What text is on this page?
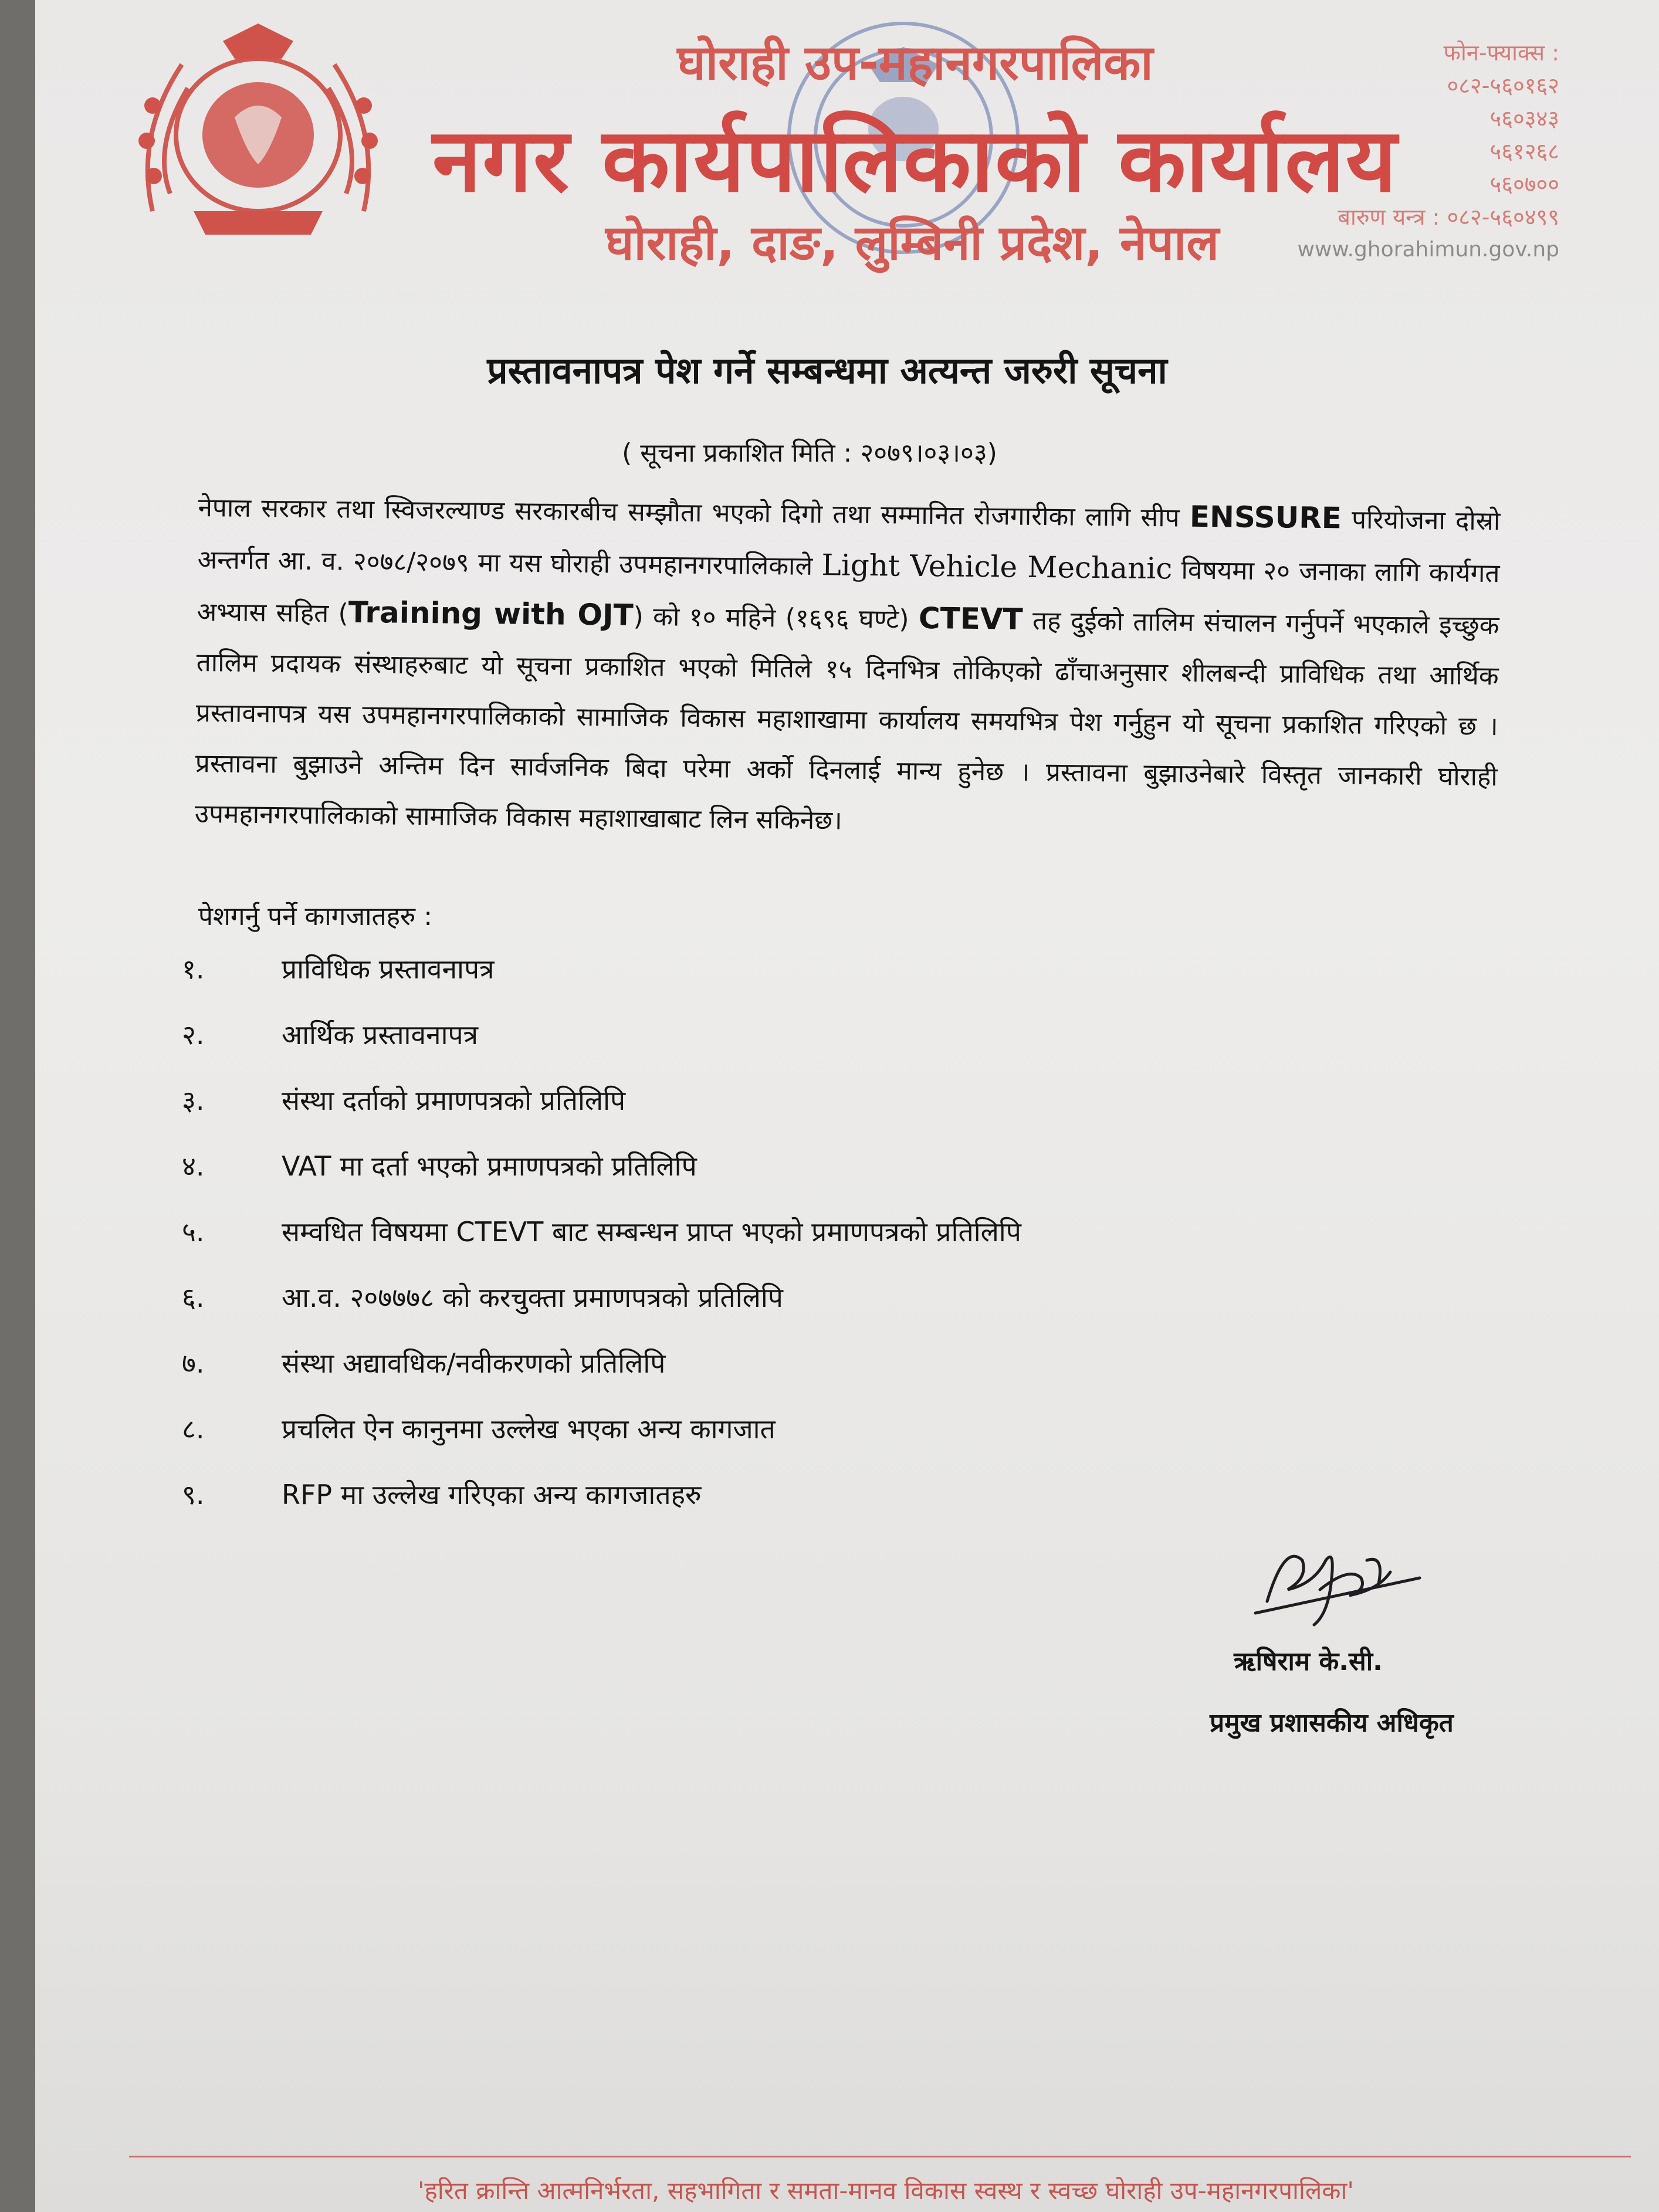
घोराही उप-महानगरपालिका
नगर कार्यपालिकाको कार्यालय
घोराही, दाङ, लुम्बिनी प्रदेश, नेपाल
फोन-फ्याक्स :
०८२-५६०१६२
५६०३४३
५६१२६८
५६०७००
बारुण यन्त्र : ०८२-५६०४९९
www.ghorahimun.gov.np
प्रस्तावनापत्र पेश गर्ने सम्बन्धमा अत्यन्त जरुरी सूचना
( सूचना प्रकाशित मिति : २०७९।०३।०३)
नेपाल सरकार तथा स्विजरल्याण्ड सरकारबीच सम्झौता भएको दिगो तथा सम्मानित रोजगारीका लागि सीप ENSSURE परियोजना दोस्रो अन्तर्गत आ. व. २०७८/२०७९ मा यस घोराही उपमहानगरपालिकाले Light Vehicle Mechanic विषयमा २० जनाका लागि कार्यगत अभ्यास सहित (Training with OJT) को १० महिने (१६९६ घण्टे) CTEVT तह दुईको तालिम संचालन गर्नुपर्ने भएकाले इच्छुक तालिम प्रदायक संस्थाहरुबाट यो सूचना प्रकाशित भएको मितिले १५ दिनभित्र तोकिएको ढाँचाअनुसार शीलबन्दी प्राविधिक तथा आर्थिक प्रस्तावनापत्र यस उपमहानगरपालिकाको सामाजिक विकास महाशाखामा कार्यालय समयभित्र पेश गर्नुहुन यो सूचना प्रकाशित गरिएको छ । प्रस्तावना बुझाउने अन्तिम दिन सार्वजनिक बिदा परेमा अर्को दिनलाई मान्य हुनेछ । प्रस्तावना बुझाउनेबारे विस्तृत जानकारी घोराही उपमहानगरपालिकाको सामाजिक विकास महाशाखाबाट लिन सकिनेछ।
पेशगर्नु पर्ने कागजातहरु :
१.	प्राविधिक प्रस्तावनापत्र
२.	आर्थिक प्रस्तावनापत्र
३.	संस्था दर्ताको प्रमाणपत्रको प्रतिलिपि
४.	VAT मा दर्ता भएको प्रमाणपत्रको प्रतिलिपि
५.	सम्वधित विषयमा CTEVT बाट सम्बन्धन प्राप्त भएको प्रमाणपत्रको प्रतिलिपि
६.	आ.व. २०७७७८ को करचुक्ता प्रमाणपत्रको प्रतिलिपि
७.	संस्था अद्यावधिक/नवीकरणको प्रतिलिपि
८.	प्रचलित ऐन कानुनमा उल्लेख भएका अन्य कागजात
९.	RFP मा उल्लेख गरिएका अन्य कागजातहरु
ऋषिराम के.सी.
प्रमुख प्रशासकीय अधिकृत
'हरित क्रान्ति आत्मनिर्भरता, सहभागिता र समता-मानव विकास स्वस्थ र स्वच्छ घोराही उप-महानगरपालिका'
